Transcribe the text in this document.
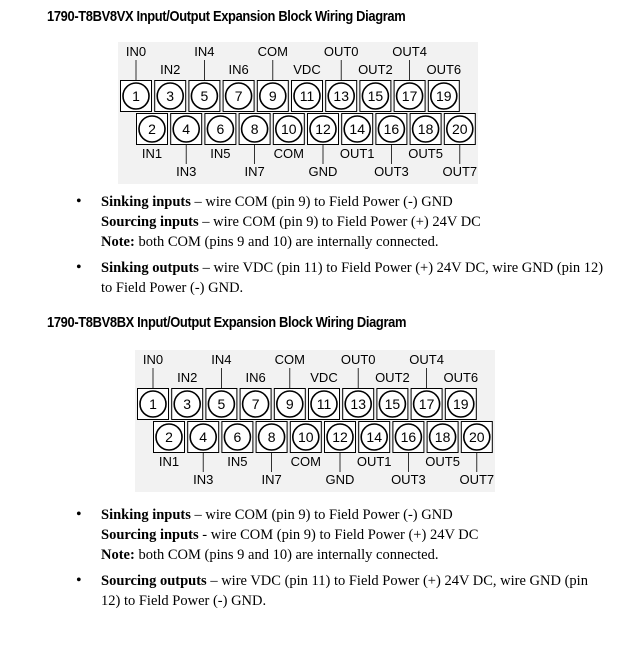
1790-T8BV8VX Input/Output Expansion Block Wiring Diagram
1 3 5 7 9 11 13 15 17 19
2 4 6 8 10 12 14 16 18 20
IN0	IN4	COM	OUT0	OUT4
IN2	IN6	VDC	OUT2	OUT6
IN1	IN5	COM	OUT1	OUT5
IN3	IN7	GND	OUT3	OUT7
• Sinking inputs – wire COM (pin 9) to Field Power (-) GND
Sourcing inputs – wire COM (pin 9) to Field Power (+) 24V DC
Note: both COM (pins 9 and 10) are internally connected.
• Sinking outputs – wire VDC (pin 11) to Field Power (+) 24V DC, wire GND (pin 12) to Field Power (-) GND.
1790-T8BV8BX Input/Output Expansion Block Wiring Diagram
1 3 5 7 9 11 13 15 17 19
2 4 6 8 10 12 14 16 18 20
IN0	IN4	COM	OUT0	OUT4
IN2	IN6	VDC	OUT2	OUT6
IN1	IN5	COM	OUT1	OUT5
IN3	IN7	GND	OUT3	OUT7
• Sinking inputs – wire COM (pin 9) to Field Power (-) GND
Sourcing inputs - wire COM (pin 9) to Field Power (+) 24V DC
Note: both COM (pins 9 and 10) are internally connected.
• Sourcing outputs – wire VDC (pin 11) to Field Power (+) 24V DC, wire GND (pin 12) to Field Power (-) GND.
